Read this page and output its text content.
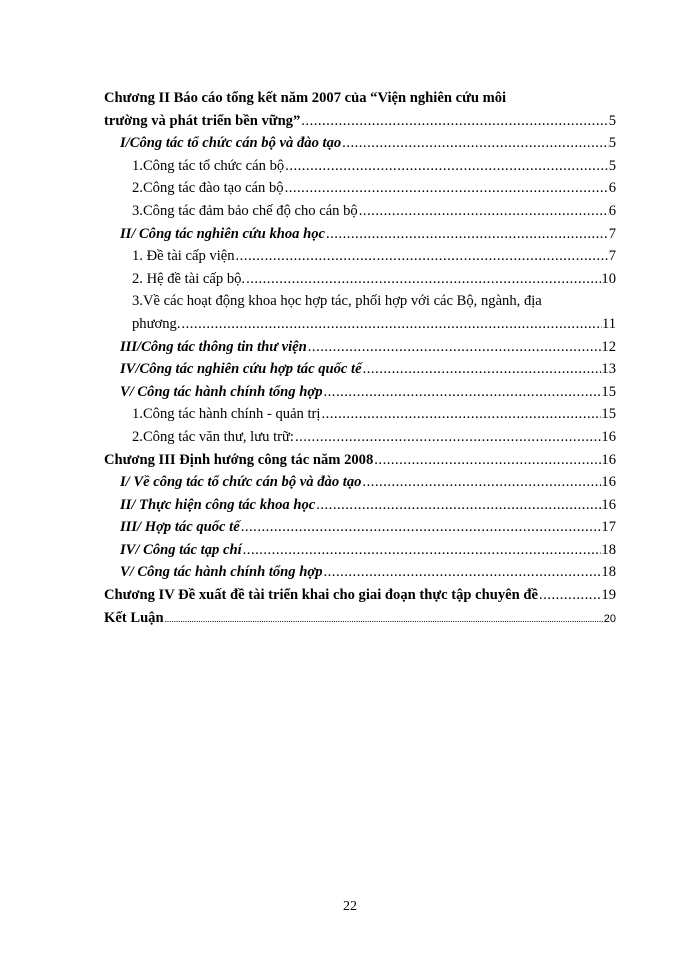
Chương II Báo cáo tổng kết năm 2007 của “Viện nghiên cứu môi
trường và phát triển bền vững” .....	5
I/Công tác tổ chức cán bộ và đào tạo .....	5
1.Công tác tổ chức cán bộ .....	5
2.Công tác đào tạo cán bộ .....	6
3.Công tác đảm bảo chế độ cho cán bộ .....	6
II/ Công tác nghiên cứu khoa học .....	7
1. Đề tài cấp viện .....	7
2. Hệ đề tài cấp bộ. .....	10
3.Về các hoạt động khoa học hợp tác, phối hợp với các Bộ, ngành, địa
phương. .....	11
III/Công tác thông tin thư viện .....	12
IV/Công tác nghiên cứu hợp tác quốc tế .....	13
V/ Công tác hành chính tổng hợp .....	15
1.Công tác hành chính - quản trị .....	15
2.Công tác văn thư, lưu trữ: .....	16
Chương III Định hướng công tác năm 2008 .....	16
I/ Về công tác tổ chức cán bộ và đào tạo .....	16
II/ Thực hiện công tác khoa học .....	16
III/ Hợp tác quốc tế .....	17
IV/ Công tác tạp chí .....	18
V/ Công tác hành chính tổng hợp .....	18
Chương IV Đề xuất đề tài triển khai cho giai đoạn thực tập chuyên đề .....	19
Kết Luận .....	20
22
